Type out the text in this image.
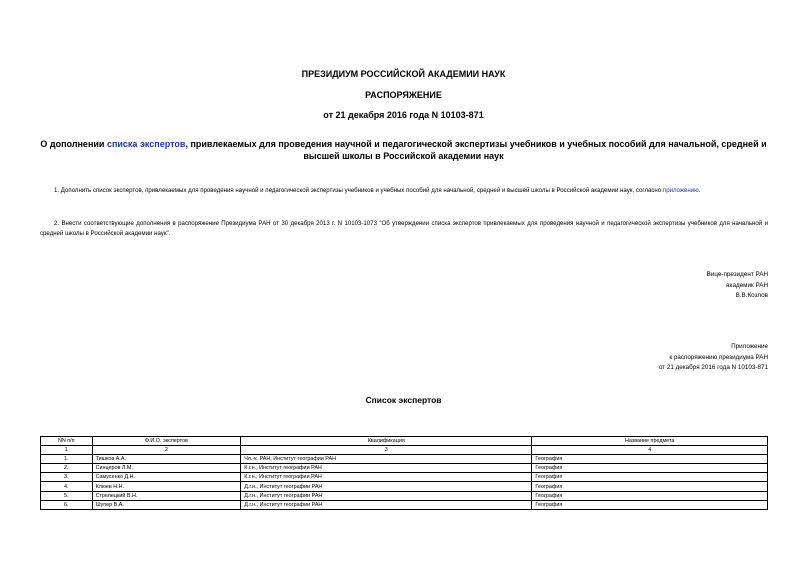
ПРЕЗИДИУМ РОССИЙСКОЙ АКАДЕМИИ НАУК
РАСПОРЯЖЕНИЕ
от 21 декабря 2016 года N 10103-871
О дополнении списка экспертов, привлекаемых для проведения научной и педагогической экспертизы учебников и учебных пособий для начальной, средней и высшей школы в Российской академии наук
1. Дополнить список экспертов, привлекаемых для проведения научной и педагогической экспертизы учебников и учебных пособий для начальной, средней и высшей школы в Российской академии наук, согласно приложению.
2. Внести соответствующие дополнения в распоряжение Президиума РАН от 30 декабря 2013 г. N 10103-1073 "Об утверждении списка экспертов привлекаемых для проведения научной и педагогической экспертизы учебников для начальной и средней школы в Российской академии наук".
Вице-президент РАН
академик РАН
В.В.Козлов
Приложение
к распоряжению президиума РАН
от 21 декабря 2016 года N 10103-871
Список экспертов
NN п/п	Ф.И.О. экспертов	Квалификация	Название предмета
1	2	3	4
1.	Тишков А.А.	Чл.-к. РАН, Институт географии РАН	География
2.	Синцеров Л.М.	К.г.н., Институт географии РАН	География
3.	Самусенко Д.Н.	К.г.н., Институт географии РАН	География
4.	Клюев Н.Н.	Д.г.н., Институт географии РАН	География
5.	Стрелецкий В.Н.	Д.г.н., Институт географии РАН	География
6.	Шупер В.А.	Д.г.н., Институт географии РАН	География
